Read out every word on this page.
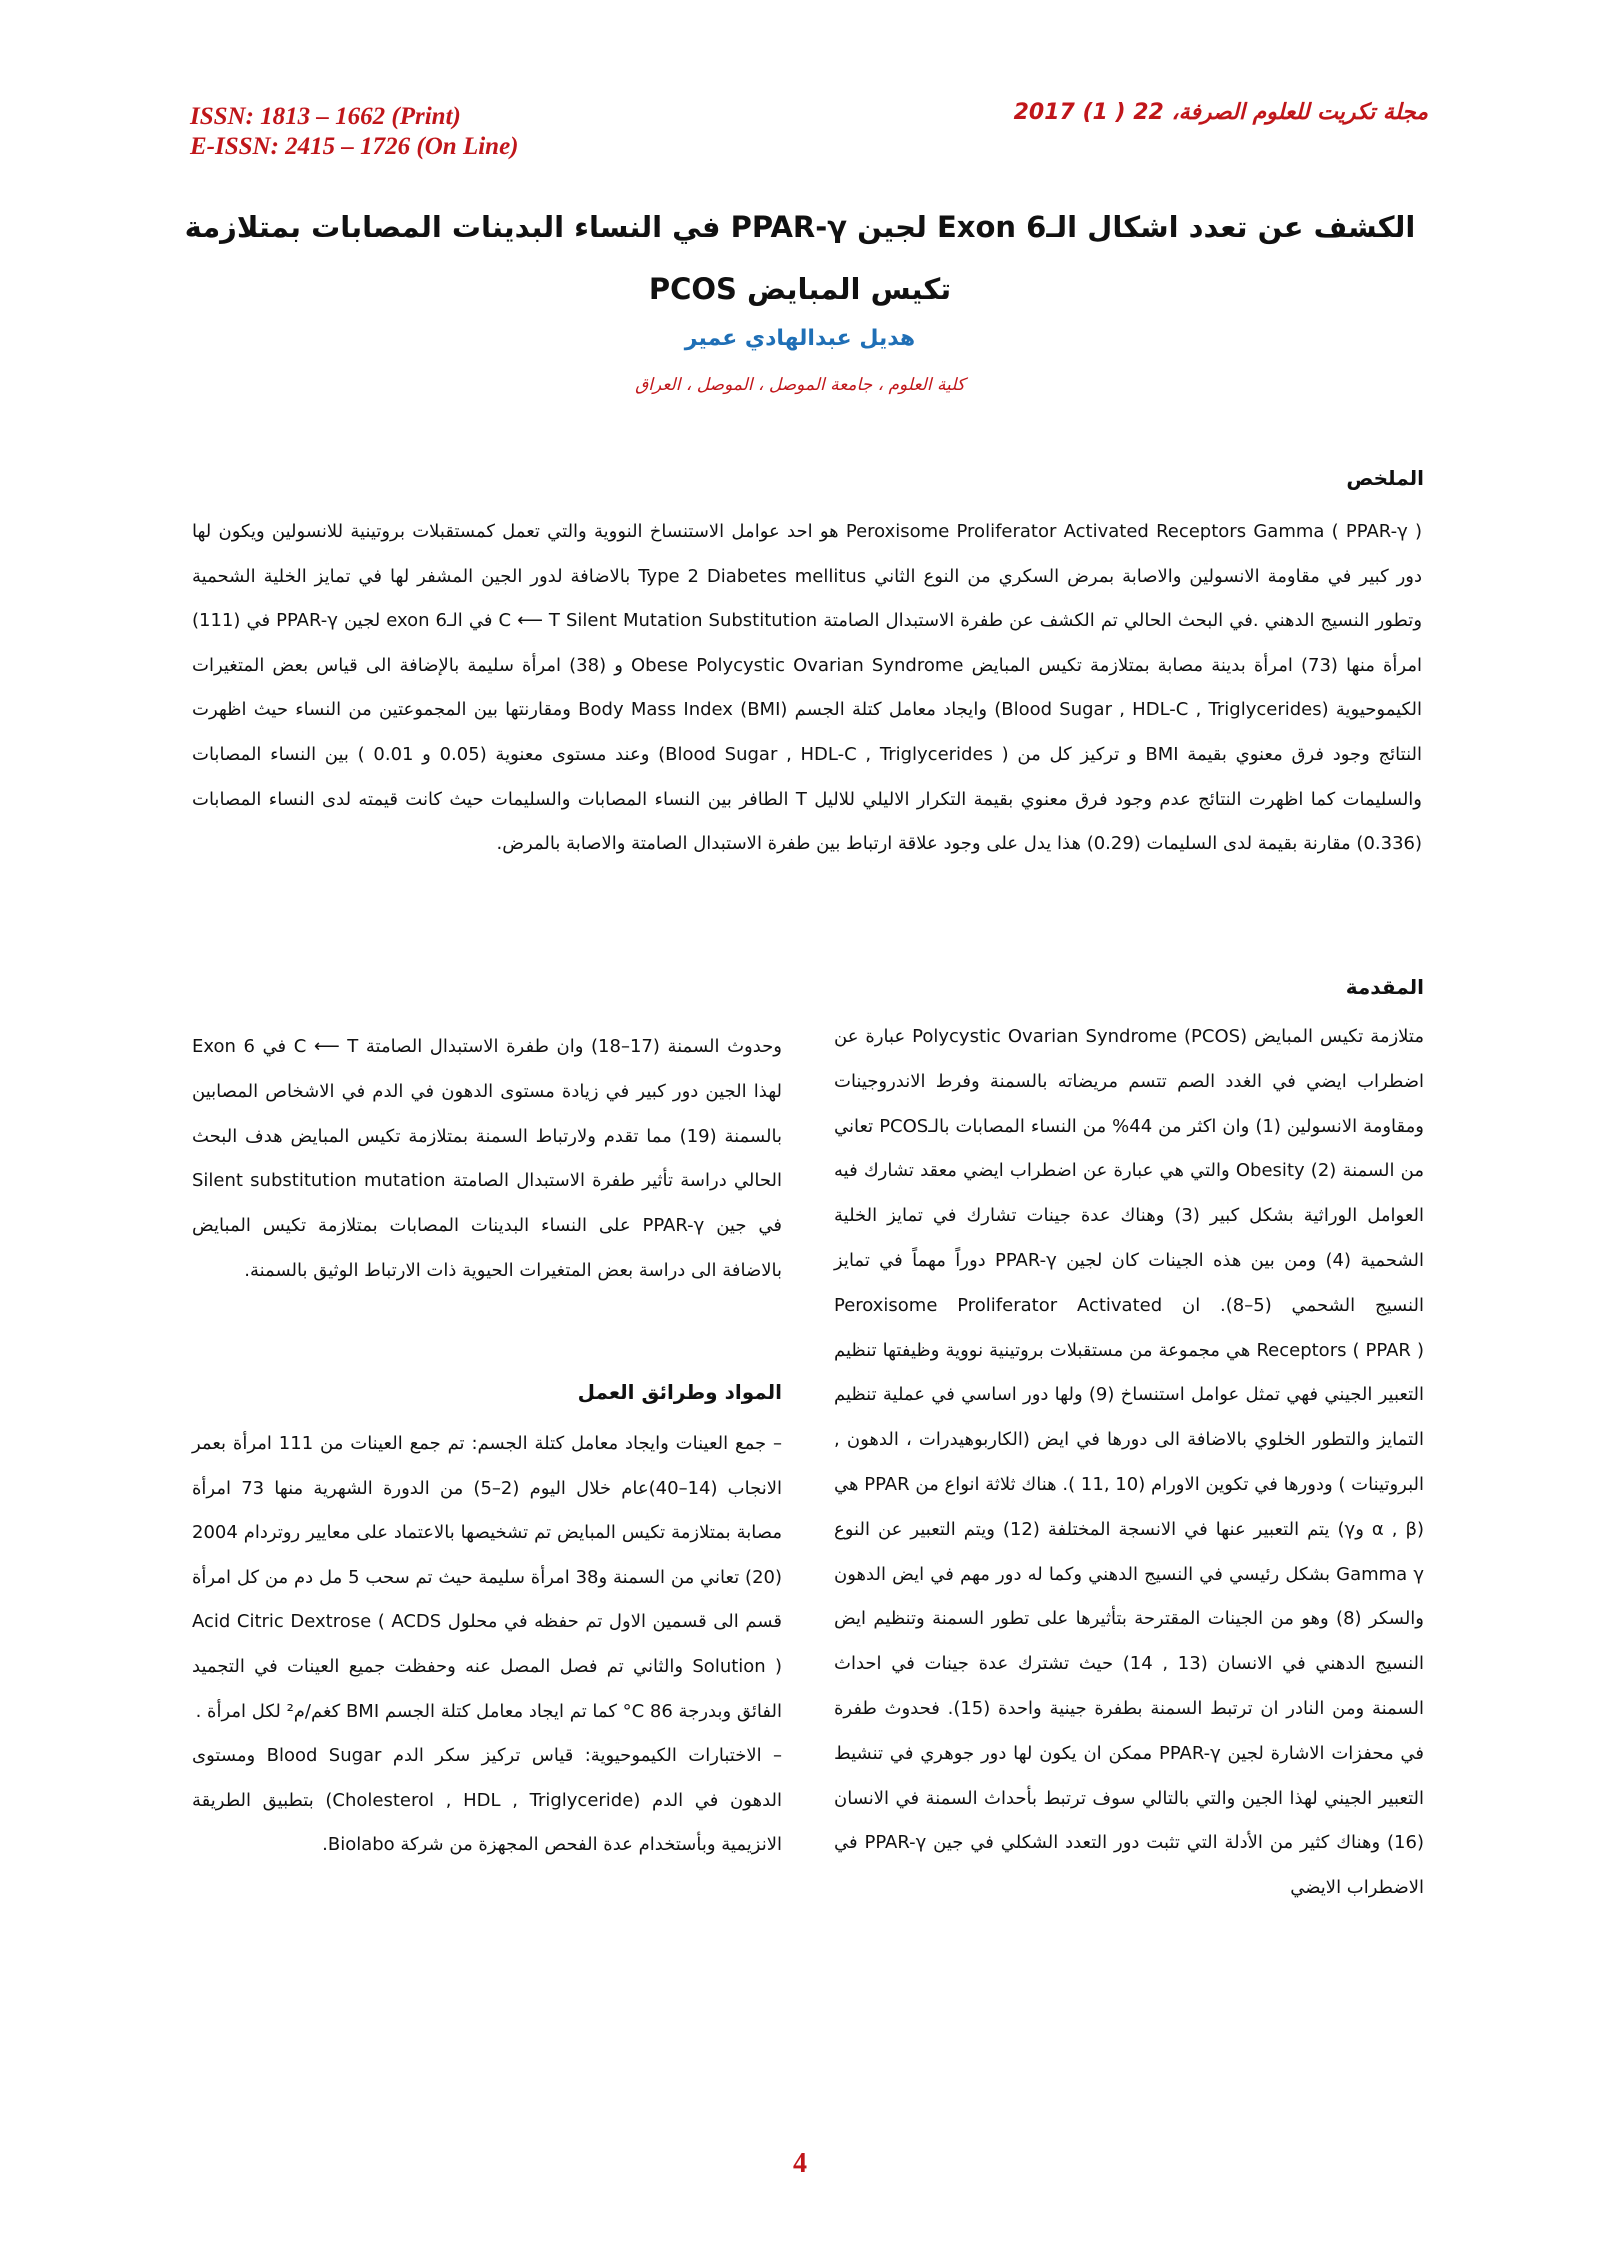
ISSN: 1813 – 1662 (Print)
E-ISSN: 2415 – 1726 (On Line)
مجلة تكريت للعلوم الصرفة، 22 ( 1) 2017
الكشف عن تعدد اشكال الـExon 6 لجين PPAR-γ في النساء البدينات المصابات بمتلازمة تكيس المبايض PCOS
هديل عبدالهادي عمير
كلية العلوم ، جامعة الموصل ، الموصل ، العراق
الملخص
Peroxisome Proliferator Activated Receptors Gamma ( PPAR-γ ) هو احد عوامل الاستنساخ النووية والتي تعمل كمستقبلات بروتينية للانسولين ويكون لها دور كبير في مقاومة الانسولين والاصابة بمرض السكري من النوع الثاني Type 2 Diabetes mellitus بالاضافة لدور الجين المشفر لها في تمايز الخلية الشحمية وتطور النسيج الدهني .في البحث الحالي تم الكشف عن طفرة الاستبدال الصامتة C ⟵ T Silent Mutation Substitution في الـexon 6 لجين PPAR-γ في (111) امرأة منها (73) امرأة بدينة مصابة بمتلازمة تكيس المبايض Obese Polycystic Ovarian Syndrome و (38) امرأة سليمة بالإضافة الى قياس بعض المتغيرات الكيموحيوية (Blood Sugar , HDL-C , Triglycerides) وايجاد معامل كتلة الجسم Body Mass Index (BMI) ومقارنتها بين المجموعتين من النساء حيث اظهرت النتائج وجود فرق معنوي بقيمة BMI و تركيز كل من ( Blood Sugar , HDL-C , Triglycerides) وعند مستوى معنوية (0.05 و 0.01 ) بين النساء المصابات والسليمات كما اظهرت النتائج عدم وجود فرق معنوي بقيمة التكرار الاليلي للاليل T الطافر بين النساء المصابات والسليمات حيث كانت قيمته لدى النساء المصابات (0.336) مقارنة بقيمة لدى السليمات (0.29) هذا يدل على وجود علاقة ارتباط بين طفرة الاستبدال الصامتة والاصابة بالمرض.
المقدمة
متلازمة تكيس المبايض Polycystic Ovarian Syndrome (PCOS) عبارة عن اضطراب ايضي في الغدد الصم تتسم مريضاته بالسمنة وفرط الاندروجينات ومقاومة الانسولين (1) وان اكثر من 44% من النساء المصابات بالـPCOS تعاني من السمنة Obesity (2) والتي هي عبارة عن اضطراب ايضي معقد تشارك فيه العوامل الوراثية بشكل كبير (3) وهناك عدة جينات تشارك في تمايز الخلية الشحمية (4) ومن بين هذه الجينات كان لجين PPAR-γ دوراً مهماً في تمايز النسيج الشحمي (5–8). ان Peroxisome Proliferator Activated Receptors ( PPAR ) هي مجموعة من مستقبلات بروتينية نووية وظيفتها تنظيم التعبير الجيني فهي تمثل عوامل استنساخ (9) ولها دور اساسي في عملية تنظيم التمايز والتطور الخلوي بالاضافة الى دورها في ايض (الكاربوهيدرات ، الدهون , البروتينات ) ودورها في تكوين الاورام (10 ,11 ). هناك ثلاثة انواع من PPAR هي (α , β وγ) يتم التعبير عنها في الانسجة المختلفة (12) ويتم التعبير عن النوع Gamma γ بشكل رئيسي في النسيج الدهني وكما له دور مهم في ايض الدهون والسكر (8) وهو من الجينات المقترحة بتأثيرها على تطور السمنة وتنظيم ايض النسيج الدهني في الانسان (13 , 14) حيث تشترك عدة جينات في احداث السمنة ومن النادر ان ترتبط السمنة بطفرة جينية واحدة (15). فحدوث طفرة في محفزات الاشارة لجين PPAR-γ ممكن ان يكون لها دور جوهري في تنشيط التعبير الجيني لهذا الجين والتي بالتالي سوف ترتبط بأحداث السمنة في الانسان (16) وهناك كثير من الأدلة التي تثبت دور التعدد الشكلي في جين PPAR-γ في الاضطراب الايضي
وحدوث السمنة (17–18) وان طفرة الاستبدال الصامتة C ⟵ T في Exon 6 لهذا الجين دور كبير في زيادة مستوى الدهون في الدم في الاشخاص المصابين بالسمنة (19) مما تقدم ولارتباط السمنة بمتلازمة تكيس المبايض هدف البحث الحالي دراسة تأثير طفرة الاستبدال الصامتة Silent substitution mutation في جين PPAR-γ على النساء البدينات المصابات بمتلازمة تكيس المبايض بالاضافة الى دراسة بعض المتغيرات الحيوية ذات الارتباط الوثيق بالسمنة.
المواد وطرائق العمل
– جمع العينات وايجاد معامل كتلة الجسم: تم جمع العينات من 111 امرأة بعمر الانجاب (14–40)عام خلال اليوم (2–5) من الدورة الشهرية منها 73 امرأة مصابة بمتلازمة تكيس المبايض تم تشخيصها بالاعتماد على معايير روتردام 2004 (20) تعاني من السمنة و38 امرأة سليمة حيث تم سحب 5 مل دم من كل امرأة قسم الى قسمين الاول تم حفظه في محلول Acid Citric Dextrose ( ACDS Solution ) والثاني تم فصل المصل عنه وحفظت جميع العينات في التجميد الفائق وبدرجة 86 C° كما تم ايجاد معامل كتلة الجسم BMI كغم/م² لكل امرأة .
– الاختبارات الكيموحيوية: قياس تركيز سكر الدم Blood Sugar ومستوى الدهون في الدم (Cholesterol , HDL , Triglyceride) بتطبيق الطريقة الانزيمية وبأستخدام عدة الفحص المجهزة من شركة Biolabo.
4
